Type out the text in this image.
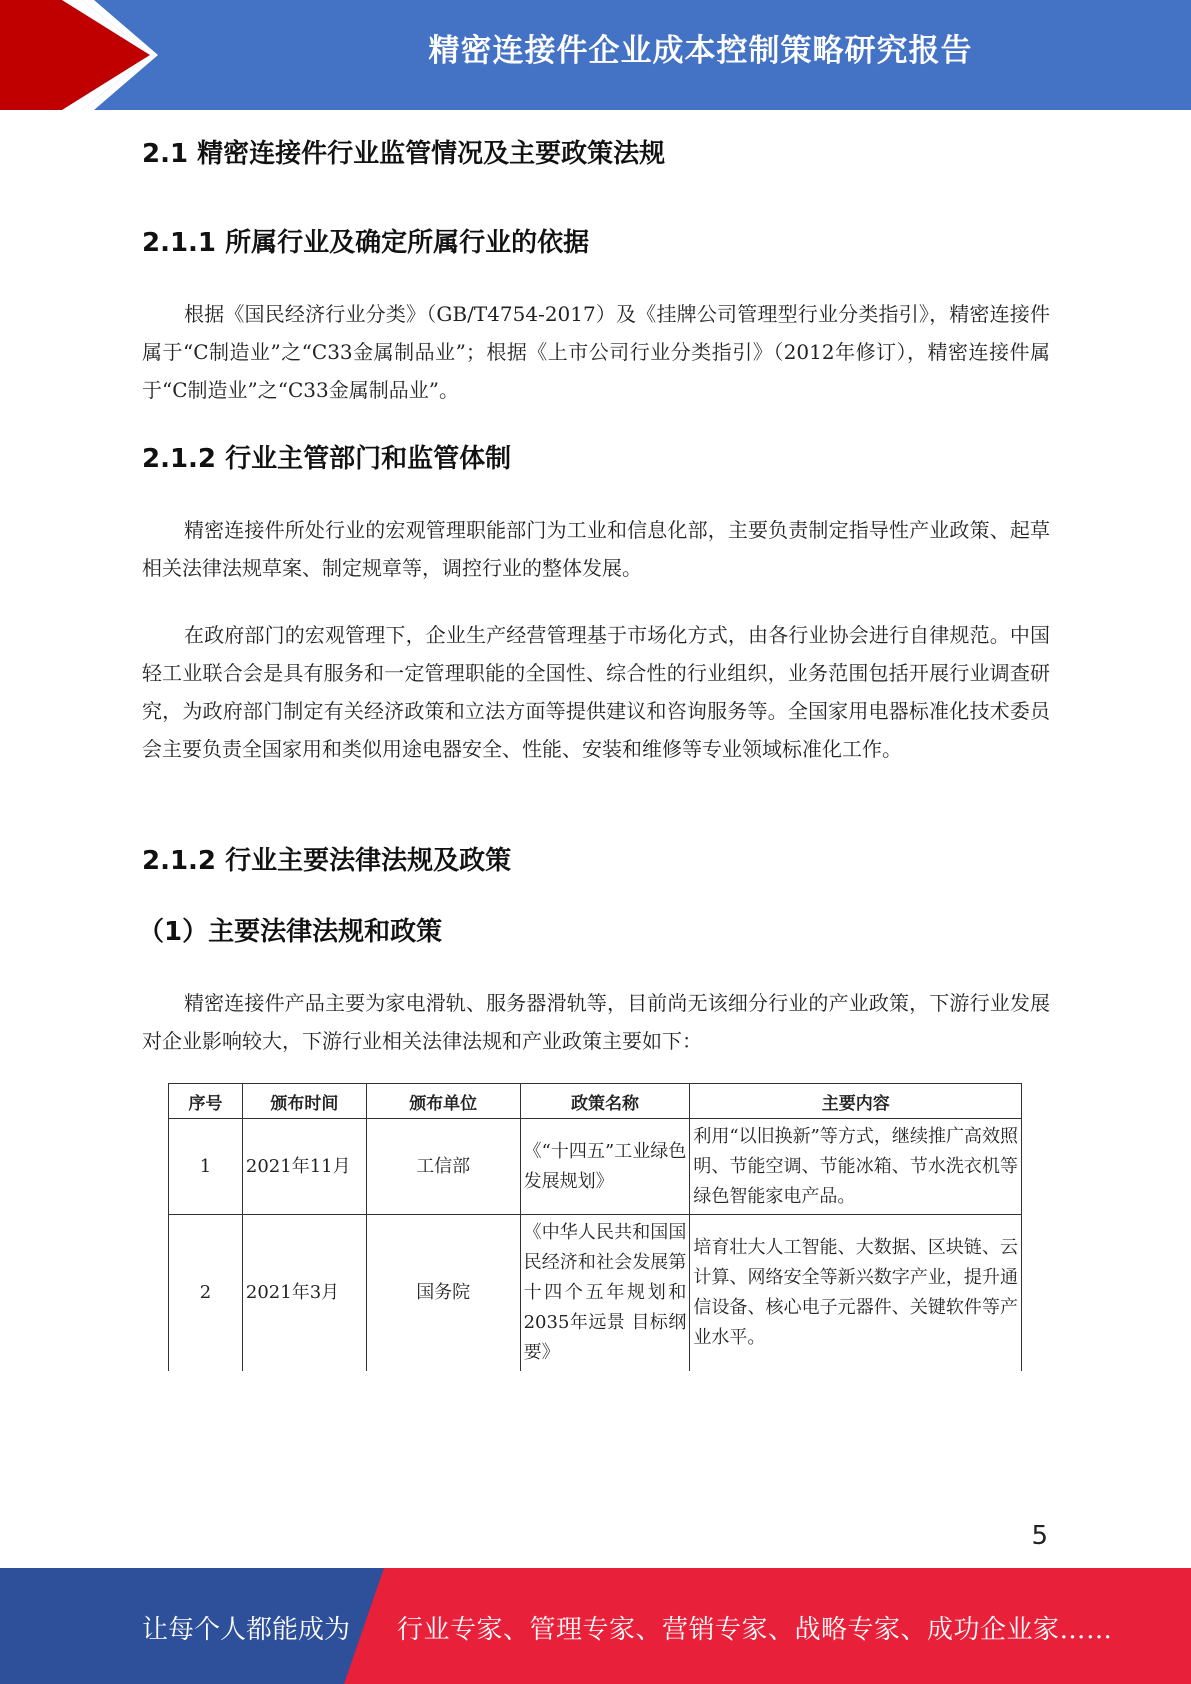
精密连接件企业成本控制策略研究报告
2.1 精密连接件行业监管情况及主要政策法规
2.1.1 所属行业及确定所属行业的依据
根据《国民经济行业分类》（GB/T4754-2017）及《挂牌公司管理型行业分类指引》，精密连接件属于“C制造业”之“C33金属制品业”；根据《上市公司行业分类指引》（2012年修订），精密连接件属于“C制造业”之“C33金属制品业”。
2.1.2 行业主管部门和监管体制
精密连接件所处行业的宏观管理职能部门为工业和信息化部，主要负责制定指导性产业政策、起草相关法律法规草案、制定规章等，调控行业的整体发展。
在政府部门的宏观管理下，企业生产经营管理基于市场化方式，由各行业协会进行自律规范。中国轻工业联合会是具有服务和一定管理职能的全国性、综合性的行业组织，业务范围包括开展行业调查研究，为政府部门制定有关经济政策和立法方面等提供建议和咨询服务等。全国家用电器标准化技术委员会主要负责全国家用和类似用途电器安全、性能、安装和维修等专业领域标准化工作。
2.1.2 行业主要法律法规及政策
（1）主要法律法规和政策
精密连接件产品主要为家电滑轨、服务器滑轨等，目前尚无该细分行业的产业政策，下游行业发展对企业影响较大，下游行业相关法律法规和产业政策主要如下：
序号	颁布时间	颁布单位	政策名称	主要内容
1	2021年11月	工信部	《“十四五”工业绿色发展规划》	利用“以旧换新”等方式，继续推广高效照明、节能空调、节能冰箱、节水洗衣机等绿色智能家电产品。
2	2021年3月	国务院	《中华人民共和国国民经济和社会发展第十四个五年规划和2035年远景 目标纲要》	培育壮大人工智能、大数据、区块链、云计算、网络安全等新兴数字产业，提升通信设备、核心电子元器件、关键软件等产业水平。
5
让每个人都能成为 行业专家、管理专家、营销专家、战略专家、成功企业家……
